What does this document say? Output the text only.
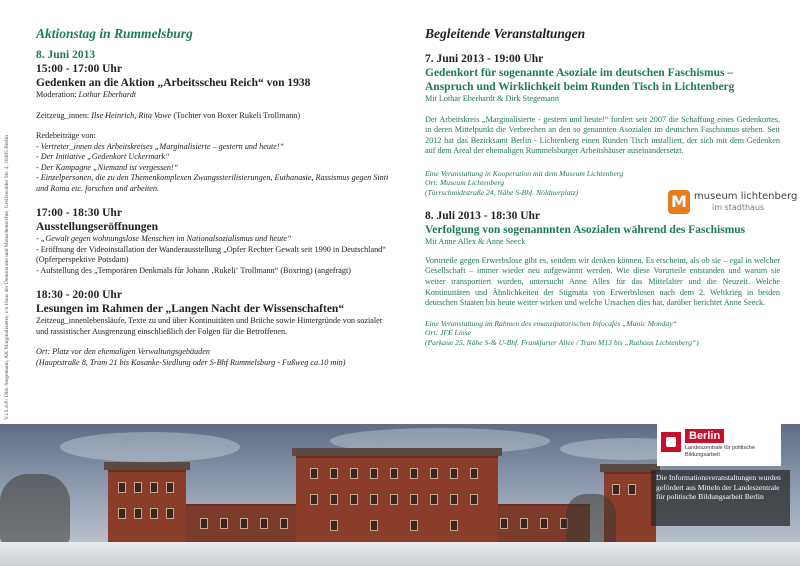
V.i.S.d.P.: Dirk Stegemann, AK Marginalisierte, c/o Haus der Demokratie und Menschenrechte, Greifswalder Str. 4, 10405 Berlin

Aktionstag in Rummelsburg

8. Juni 2013

15:00 - 17:00 Uhr

Gedenken an die Aktion „Arbeitsscheu Reich“ von 1938

Moderation: Lothar Eberhardt

Zeitzeug_innen: Ilse Heinrich, Rita Vowe (Tochter von Boxer Rukeli Trollmann)

Redebeiträge von:

- Vertreter_innen des Arbeitskreises „Marginalisierte – gestern und heute!“

- Der Initiative „Gedenkort Uckermark“

- Der Kampagne „Niemand ist vergessen!“

- Einzelpersonen, die zu den Themenkomplexen Zwangssterilisierungen, Euthanasie, Rassismus gegen Sinti und Roma etc. forschen und arbeiten.

17:00 - 18:30 Uhr

Ausstellungseröffnungen

- „Gewalt gegen wohnungslose Menschen im Nationalsozialismus und heute“

- Eröffnung der Videoinstallation der Wanderausstellung „Opfer Rechter Gewalt seit 1990 in Deutschland“ (Opferperspektive Potsdam)

- Aufstellung des „Temporären Denkmals für Johann ‚Rukeli‘ Trollmann“ (Boxring) (angefragt)

18:30 - 20:00 Uhr

Lesungen im Rahmen der „Langen Nacht der Wissenschaften“

Zeitzeug_innenlebensläufe, Texte zu und über Kontinuitäten und Brüche sowie Hintergründe von sozialer und rassistischer Ausgrenzung einschließlich der Folgen für die Betroffenen.

Ort: Platz vor den ehemaligen Verwaltungsgebäuden

(Hauptstraße 8, Tram 21 bis Kosanke-Siedlung oder S-Bhf Rummelsburg - Fußweg ca.10 min)

Begleitende Veranstaltungen

7. Juni 2013 - 19:00 Uhr

Gedenkort für sogenannte Asoziale im deutschen Faschismus – Anspruch und Wirklichkeit beim Runden Tisch in Lichtenberg

Mit Lothar Eberhardt & Dirk Stegemann

Der Arbeitskreis „Marginalisierte - gestern und heute!“ fordert seit 2007 die Schaffung eines Gedenkortes, in deren Mittelpunkt die Verbrechen an den so genannten Asozialen im deutschen Faschismus stehen. Seit 2012 hat das Bezirksamt Berlin - Lichtenberg einen Runden Tisch installiert, der sich mit dem Gedenken auf dem Areal der ehemaligen Rummelsburger Arbeitshäuser auseinandersetzt.

Eine Veranstaltung in Kooperation mit dem Museum Lichtenberg

Ort: Museum Lichtenberg

(Türrschmidtstraße 24, Nähe S-Bhf. Nöldnerplatz)

8. Juli 2013 - 18:30 Uhr

Verfolgung von sogenannnten Asozialen während des Faschismus

Mit Anne Allex & Anne Seeck

Vorurteile gegen Erwerbslose gibt es, seitdem wir denken können. Es erscheint, als ob sie – egal in welcher Gesellschaft – immer wieder neu aufgewärmt werden. Wie diese Vorurteile entstanden und warum sie weiter transportiert wurden, untersucht Anne Allex für das Mittelalter und die Neuzeit. Welche Kontinuitäten und Ähnlichkeiten der Stigmata von Erwerbslosen nach dem 2. Weltkrieg in beiden deutschen Staaten bis heute weiter wirken und welche Ursachen dies hat, darüber berichtet Anne Seeck.

Eine Veranstaltung im Rahmen des emanzipatorischen Infocafés „Manic Monday“

Ort: JFE Linse

(Parkaue 25, Nähe S-& U-Bhf. Frankfurter Allee / Tram M13 bis „Rathaus Lichtenberg“)

M museum lichtenberg
im stadthaus
Berlin
Landeszentrale für politische Bildungsarbeit
Die Informationsveranstaltungen wurden gefördert aus Mitteln der Landeszentrale für politische Bildungsarbeit Berlin
